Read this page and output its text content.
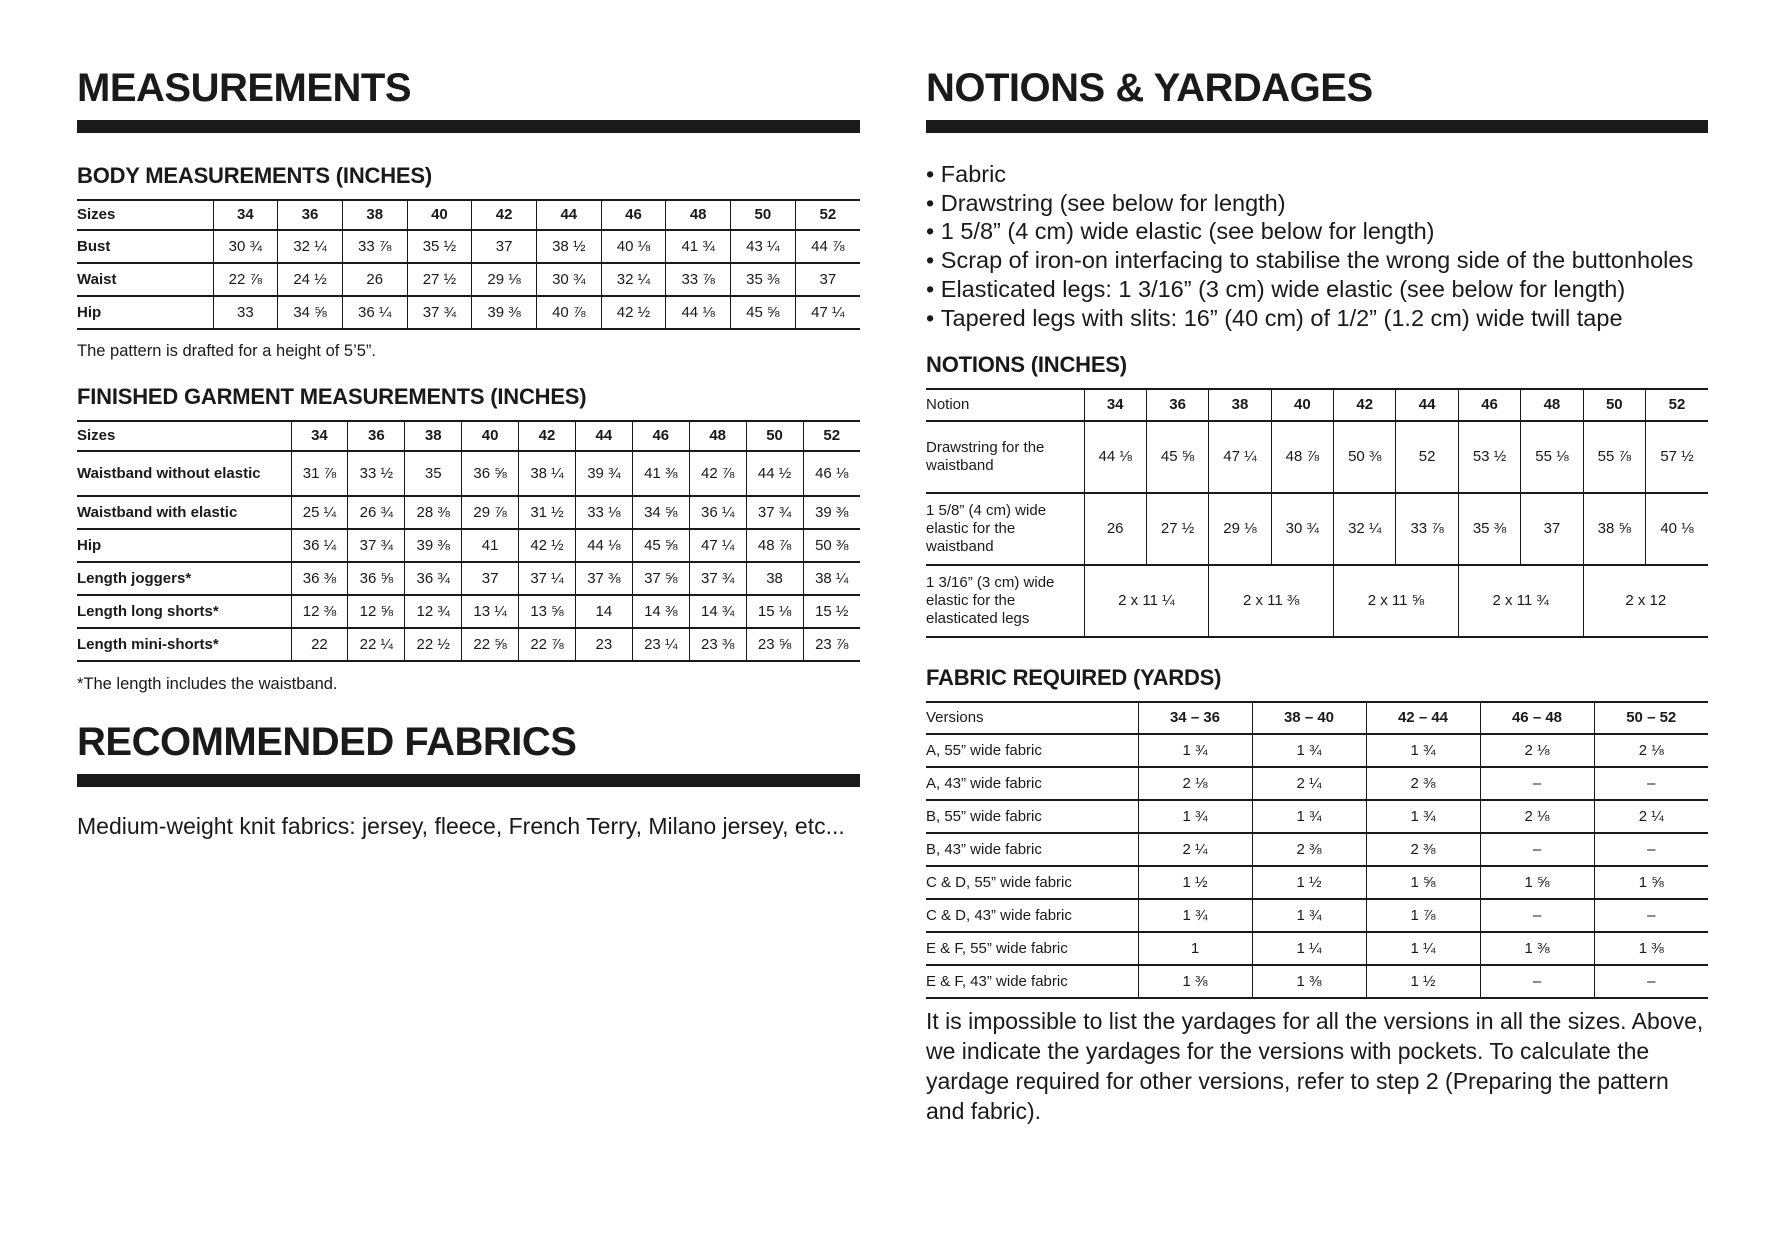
MEASUREMENTS
BODY MEASUREMENTS (INCHES)
Sizes	34	36	38	40	42	44	46	48	50	52
Bust	30 ¾	32 ¼	33 ⅞	35 ½	37	38 ½	40 ⅛	41 ¾	43 ¼	44 ⅞
Waist	22 ⅞	24 ½	26	27 ½	29 ⅛	30 ¾	32 ¼	33 ⅞	35 ⅜	37
Hip	33	34 ⅝	36 ¼	37 ¾	39 ⅜	40 ⅞	42 ½	44 ⅛	45 ⅝	47 ¼
The pattern is drafted for a height of 5’5”.
FINISHED GARMENT MEASUREMENTS (INCHES)
Sizes	34	36	38	40	42	44	46	48	50	52
Waistband without elastic	31 ⅞	33 ½	35	36 ⅝	38 ¼	39 ¾	41 ⅜	42 ⅞	44 ½	46 ⅛
Waistband with elastic	25 ¼	26 ¾	28 ⅜	29 ⅞	31 ½	33 ⅛	34 ⅝	36 ¼	37 ¾	39 ⅜
Hip	36 ¼	37 ¾	39 ⅜	41	42 ½	44 ⅛	45 ⅝	47 ¼	48 ⅞	50 ⅜
Length joggers*	36 ⅜	36 ⅝	36 ¾	37	37 ¼	37 ⅜	37 ⅝	37 ¾	38	38 ¼
Length long shorts*	12 ⅜	12 ⅝	12 ¾	13 ¼	13 ⅝	14	14 ⅜	14 ¾	15 ⅛	15 ½
Length mini-shorts*	22	22 ¼	22 ½	22 ⅝	22 ⅞	23	23 ¼	23 ⅜	23 ⅝	23 ⅞
*The length includes the waistband.
RECOMMENDED FABRICS
Medium-weight knit fabrics: jersey, fleece, French Terry, Milano jersey, etc...
NOTIONS & YARDAGES
• Fabric
• Drawstring (see below for length)
• 1 5/8” (4 cm) wide elastic (see below for length)
• Scrap of iron-on interfacing to stabilise the wrong side of the buttonholes
• Elasticated legs: 1 3/16” (3 cm) wide elastic (see below for length)
• Tapered legs with slits: 16” (40 cm) of 1/2” (1.2 cm) wide twill tape
NOTIONS (INCHES)
Notion	34	36	38	40	42	44	46	48	50	52
Drawstring for the waistband	44 ⅛	45 ⅝	47 ¼	48 ⅞	50 ⅜	52	53 ½	55 ⅛	55 ⅞	57 ½
1 5/8” (4 cm) wide elastic for the waistband	26	27 ½	29 ⅛	30 ¾	32 ¼	33 ⅞	35 ⅜	37	38 ⅝	40 ⅛
1 3/16” (3 cm) wide elastic for the elasticated legs	2 x 11 ¼		2 x 11 ⅜		2 x 11 ⅝		2 x 11 ¾		2 x 12	
FABRIC REQUIRED (YARDS)
Versions	34 – 36	38 – 40	42 – 44	46 – 48	50 – 52
A, 55” wide fabric	1 ¾	1 ¾	1 ¾	2 ⅛	2 ⅛
A, 43” wide fabric	2 ⅛	2 ¼	2 ⅜	–	–
B, 55” wide fabric	1 ¾	1 ¾	1 ¾	2 ⅛	2 ¼
B, 43” wide fabric	2 ¼	2 ⅜	2 ⅜	–	–
C & D, 55” wide fabric	1 ½	1 ½	1 ⅝	1 ⅝	1 ⅝
C & D, 43” wide fabric	1 ¾	1 ¾	1 ⅞	–	–
E & F, 55” wide fabric	1	1 ¼	1 ¼	1 ⅜	1 ⅜
E & F, 43” wide fabric	1 ⅜	1 ⅜	1 ½	–	–
It is impossible to list the yardages for all the versions in all the sizes. Above, we indicate the yardages for the versions with pockets. To calculate the yardage required for other versions, refer to step 2 (Preparing the pattern and fabric).
